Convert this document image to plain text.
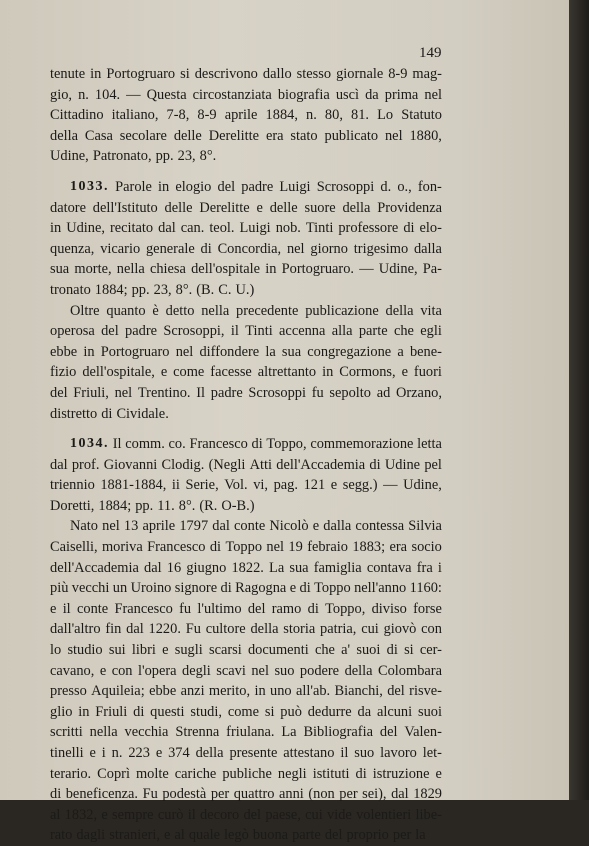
149
tenute in Portogruaro si descrivono dallo stesso giornale 8-9 mag-
gio, n. 104. — Questa circostanziata biografia uscì da prima nel
Cittadino italiano, 7-8, 8-9 aprile 1884, n. 80, 81. Lo Statuto
della Casa secolare delle Derelitte era stato publicato nel 1880,
Udine, Patronato, pp. 23, 8°.
1033. Parole in elogio del padre Luigi Scrosoppi d. o., fon-
datore dell'Istituto delle Derelitte e delle suore della Providenza
in Udine, recitato dal can. teol. Luigi nob. Tinti professore di elo-
quenza, vicario generale di Concordia, nel giorno trigesimo dalla
sua morte, nella chiesa dell'ospitale in Portogruaro. — Udine, Pa-
tronato 1884; pp. 23, 8°. (B. C. U.)
Oltre quanto è detto nella precedente publicazione della vita
operosa del padre Scrosoppi, il Tinti accenna alla parte che egli
ebbe in Portogruaro nel diffondere la sua congregazione a bene-
fizio dell'ospitale, e come facesse altrettanto in Cormons, e fuori
del Friuli, nel Trentino. Il padre Scrosoppi fu sepolto ad Orzano,
distretto di Cividale.
1034. Il comm. co. Francesco di Toppo, commemorazione letta
dal prof. Giovanni Clodig. (Negli Atti dell'Accademia di Udine pel
triennio 1881-1884, ii Serie, Vol. vi, pag. 121 e segg.) — Udine,
Doretti, 1884; pp. 11. 8°. (R. O-B.)
Nato nel 13 aprile 1797 dal conte Nicolò e dalla contessa Silvia
Caiselli, moriva Francesco di Toppo nel 19 febraio 1883; era socio
dell'Accademia dal 16 giugno 1822. La sua famiglia contava fra i
più vecchi un Uroino signore di Ragogna e di Toppo nell'anno 1160:
e il conte Francesco fu l'ultimo del ramo di Toppo, diviso forse
dall'altro fin dal 1220. Fu cultore della storia patria, cui giovò con
lo studio sui libri e sugli scarsi documenti che a' suoi di si cer-
cavano, e con l'opera degli scavi nel suo podere della Colombara
presso Aquileia; ebbe anzi merito, in uno all'ab. Bianchi, del risve-
glio in Friuli di questi studi, come si può dedurre da alcuni suoi
scritti nella vecchia Strenna friulana. La Bibliografia del Valen-
tinelli e i n. 223 e 374 della presente attestano il suo lavoro let-
terario. Coprì molte cariche publiche negli istituti di istruzione e
di beneficenza. Fu podestà per quattro anni (non per sei), dal 1829
al 1832, e sempre curò il decoro del paese, cui vide volentieri libe-
rato dagli stranieri, e al quale legò buona parte del proprio per la
